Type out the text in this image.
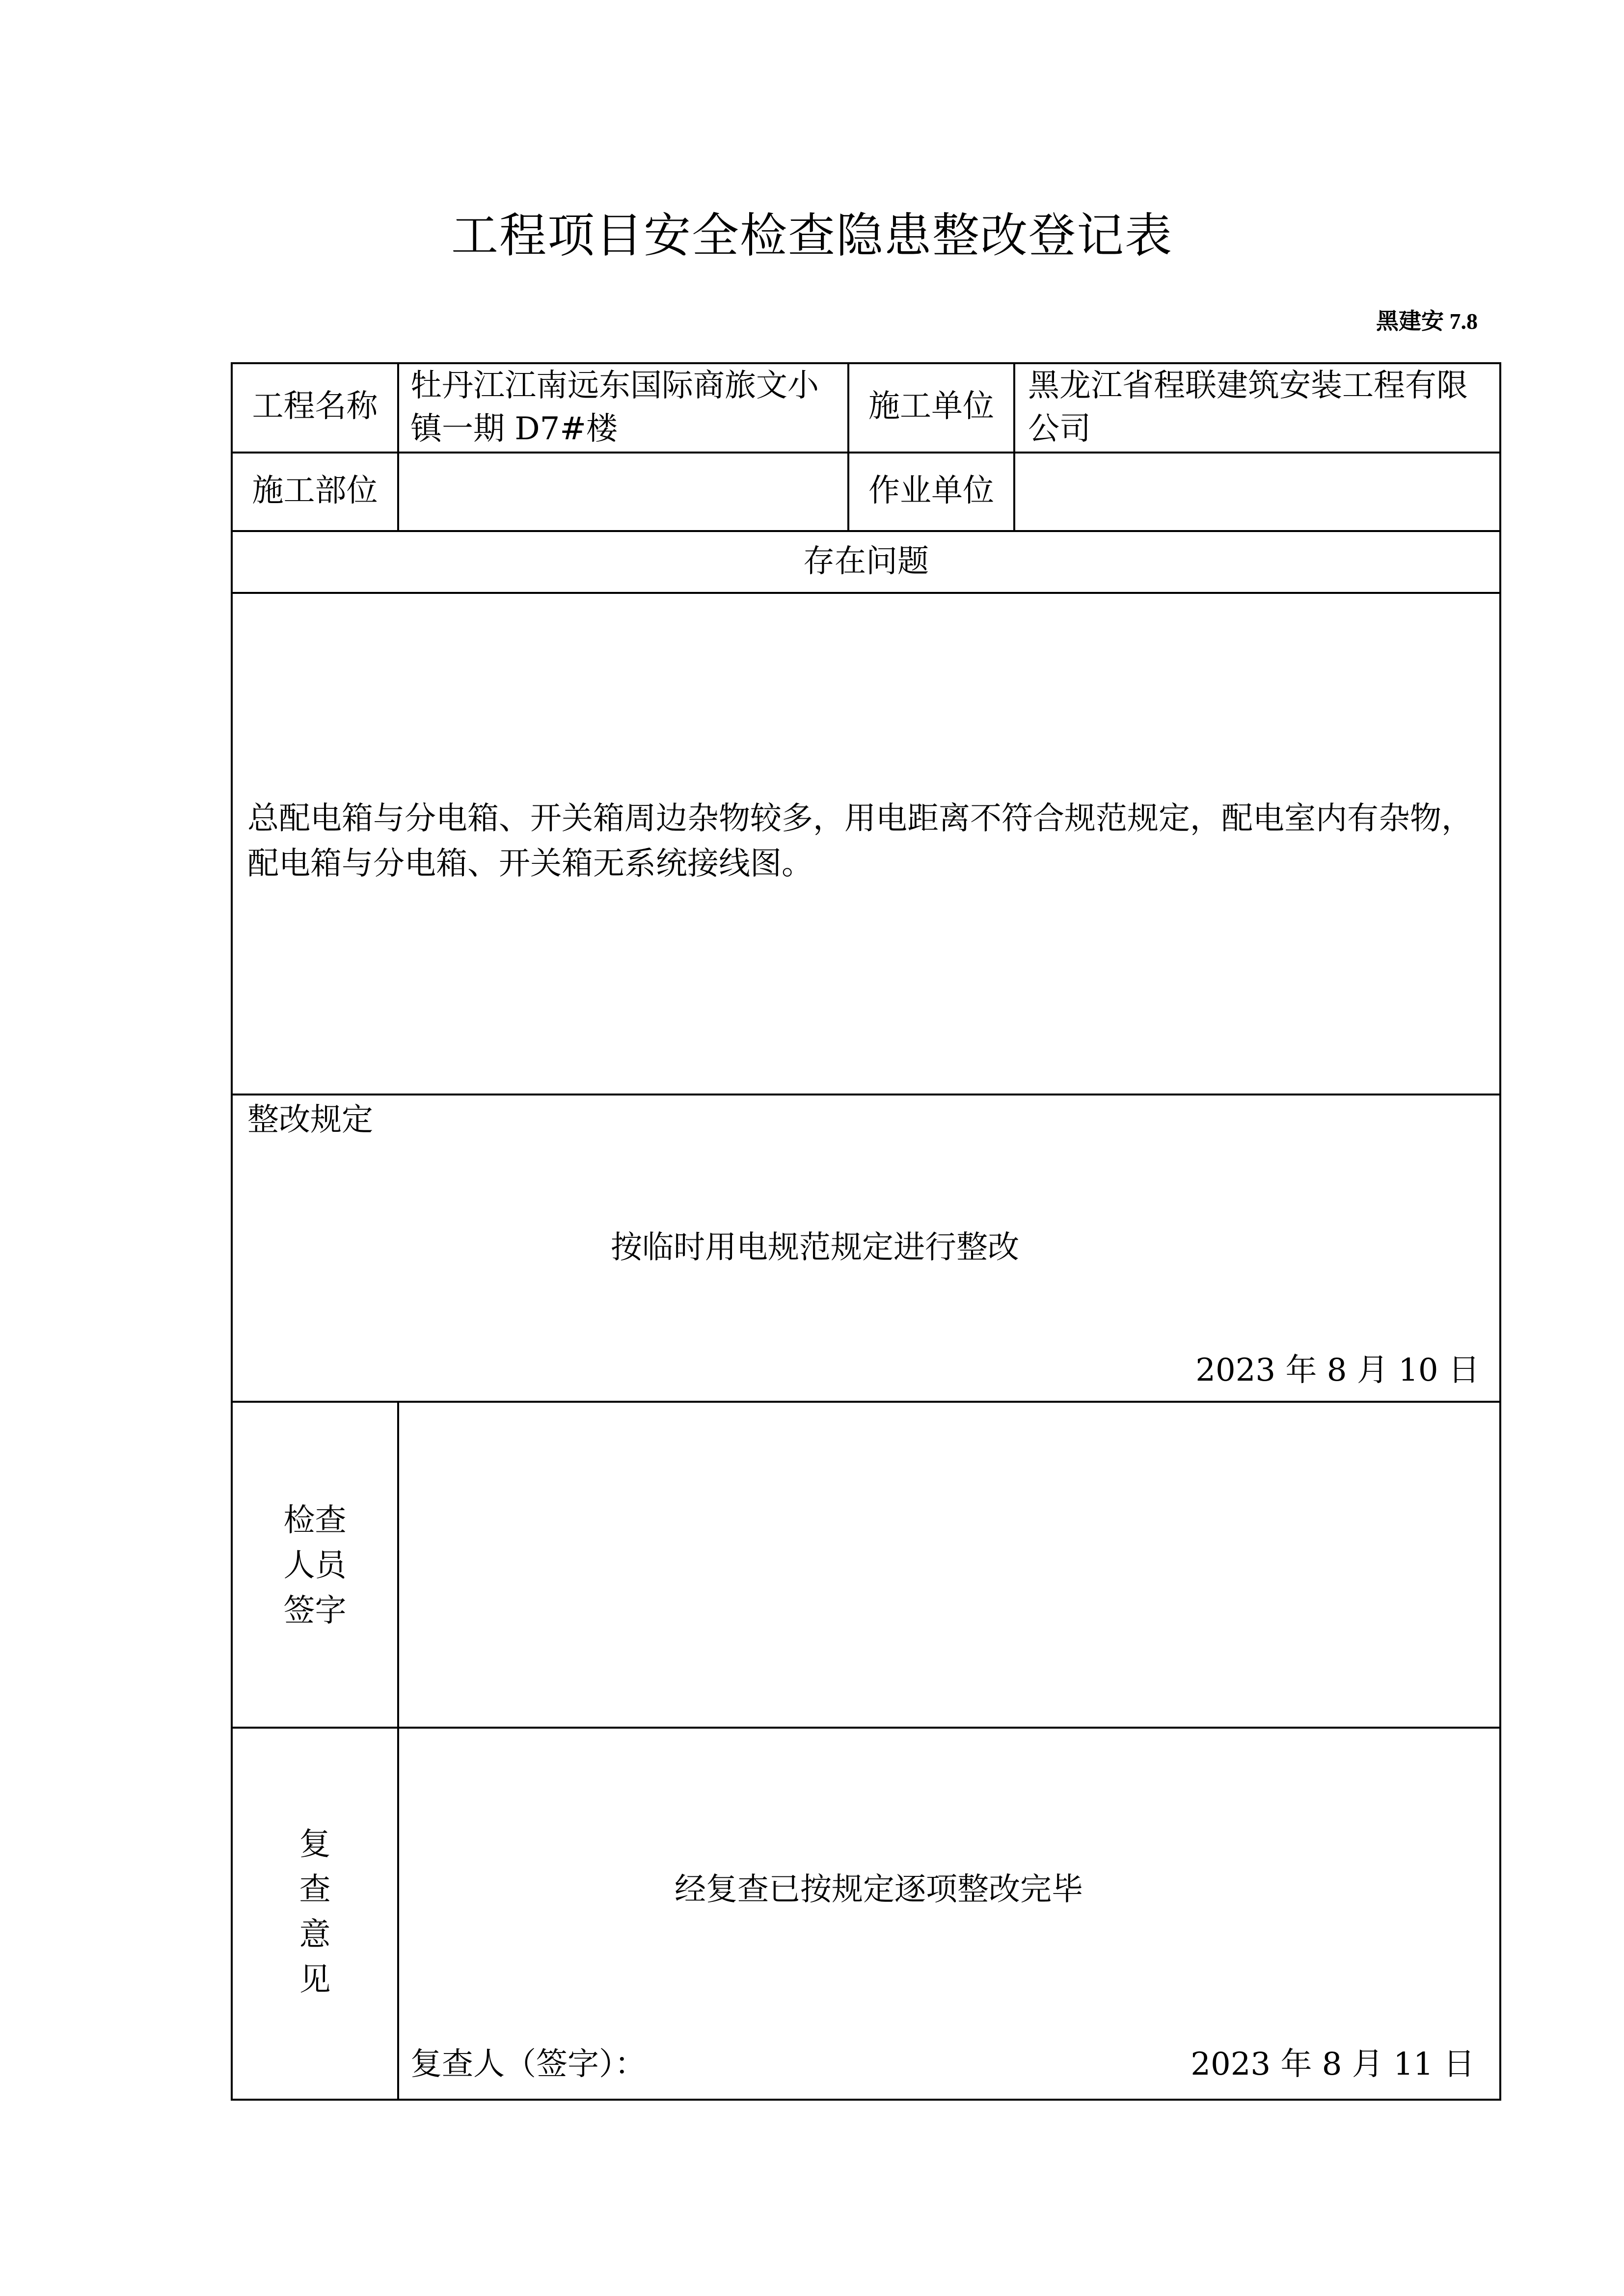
工程项目安全检查隐患整改登记表
黑建安 7.8
工程名称
牡丹江江南远东国际商旅文小镇一期 D7#楼
施工单位
黑龙江省程联建筑安装工程有限公司
施工部位	作业单位
存在问题
总配电箱与分电箱、开关箱周边杂物较多，用电距离不符合规范规定，配电室内有杂物，配电箱与分电箱、开关箱无系统接线图。
整改规定
按临时用电规范规定进行整改
2023 年 8 月 10 日
检查
人员
签字
复
查
意
见
经复查已按规定逐项整改完毕
复查人（签字）：	2023 年 8 月 11 日
